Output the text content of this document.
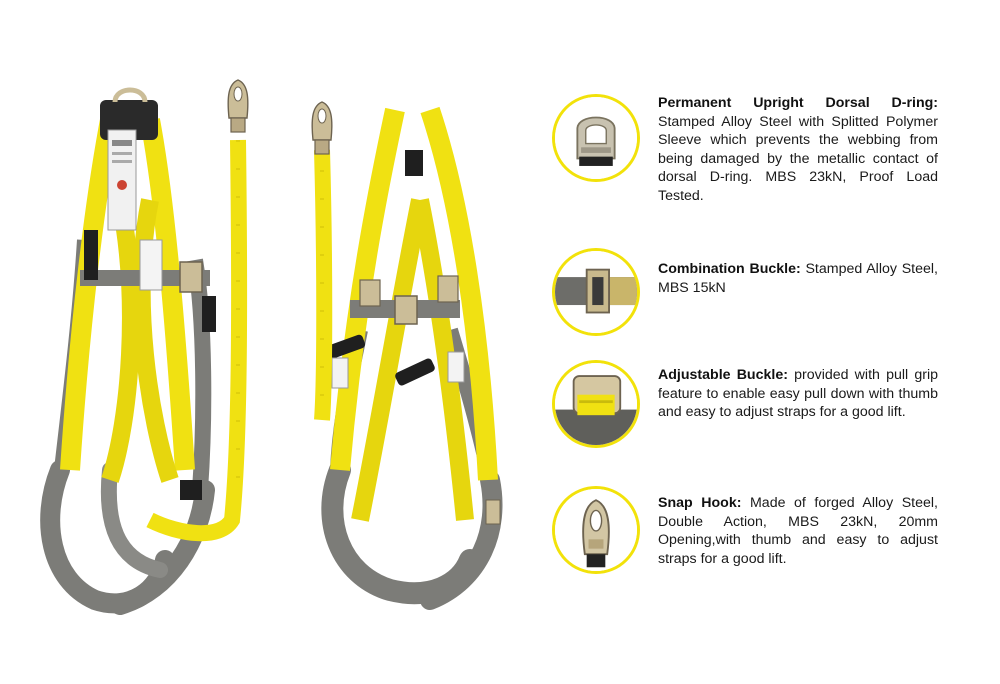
Permanent Upright Dorsal D-ring: Stamped Alloy Steel with Splitted Polymer Sleeve which prevents the webbing from being damaged by the metallic contact of dorsal D-ring. MBS 23kN, Proof Load Tested.
Combination Buckle: Stamped Alloy Steel, MBS 15kN
Adjustable Buckle: provided with pull grip feature to enable easy pull down with thumb and easy to adjust straps for a good lift.
Snap Hook: Made of forged Alloy Steel, Double Action, MBS 23kN, 20mm Opening,with thumb and easy to adjust straps for a good lift.
